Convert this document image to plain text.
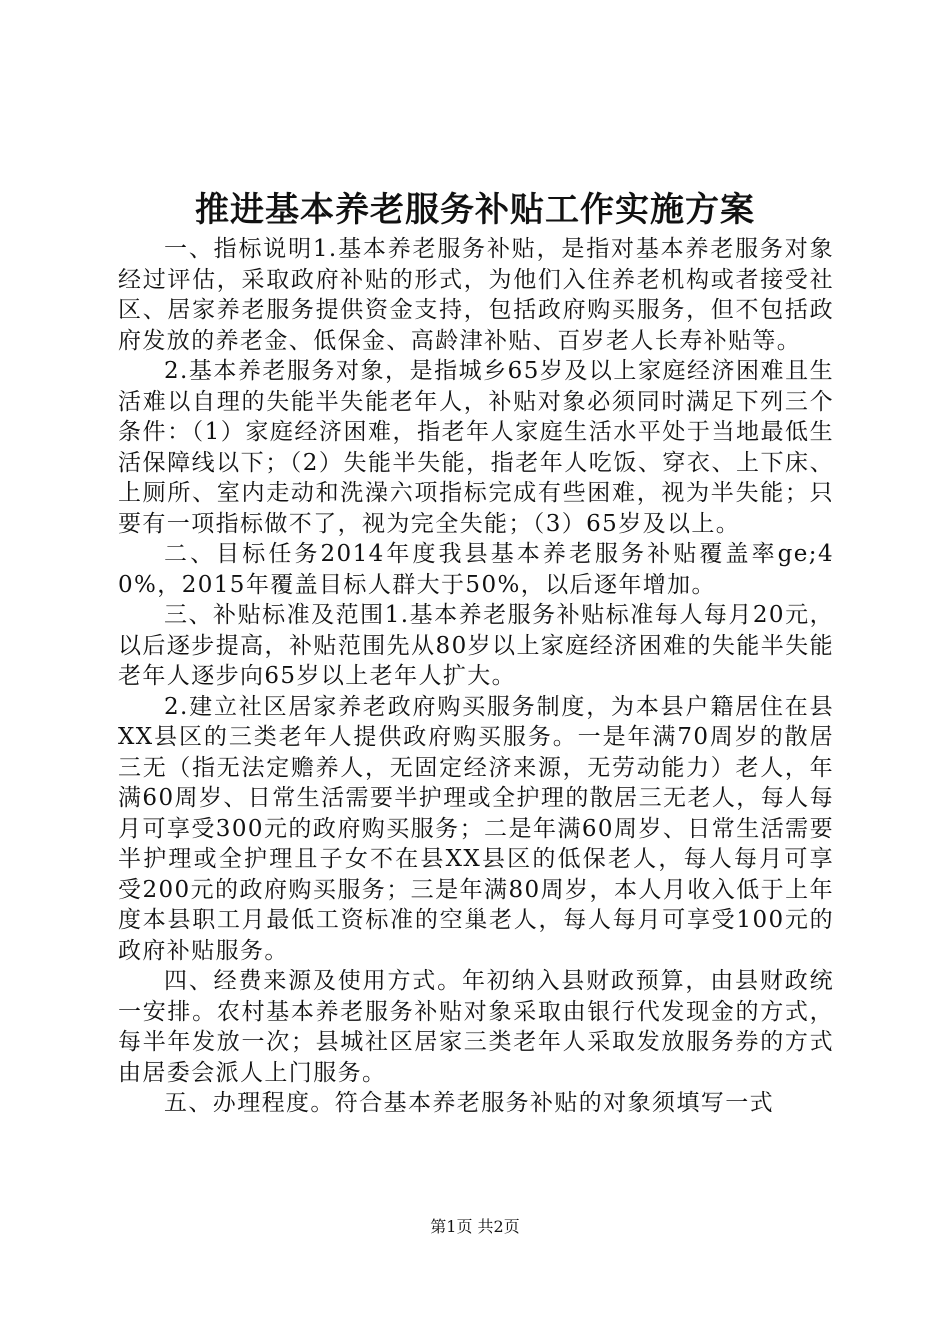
推进基本养老服务补贴工作实施方案

一、指标说明1.基本养老服务补贴，是指对基本养老服务对象经过评估，采取政府补贴的形式，为他们入住养老机构或者接受社区、居家养老服务提供资金支持，包括政府购买服务，但不包括政府发放的养老金、低保金、高龄津补贴、百岁老人长寿补贴等。

2.基本养老服务对象，是指城乡65岁及以上家庭经济困难且生活难以自理的失能半失能老年人，补贴对象必须同时满足下列三个条件：（1）家庭经济困难，指老年人家庭生活水平处于当地最低生活保障线以下；（2）失能半失能，指老年人吃饭、穿衣、上下床、上厕所、室内走动和洗澡六项指标完成有些困难，视为半失能；只要有一项指标做不了，视为完全失能；（3）65岁及以上。

二、目标任务2014年度我县基本养老服务补贴覆盖率ge;40%，2015年覆盖目标人群大于50%，以后逐年增加。

三、补贴标准及范围1.基本养老服务补贴标准每人每月20元，以后逐步提高，补贴范围先从80岁以上家庭经济困难的失能半失能老年人逐步向65岁以上老年人扩大。

2.建立社区居家养老政府购买服务制度，为本县户籍居住在县XX县区的三类老年人提供政府购买服务。一是年满70周岁的散居三无（指无法定赡养人，无固定经济来源，无劳动能力）老人，年满60周岁、日常生活需要半护理或全护理的散居三无老人，每人每月可享受300元的政府购买服务；二是年满60周岁、日常生活需要半护理或全护理且子女不在县XX县区的低保老人，每人每月可享受200元的政府购买服务；三是年满80周岁，本人月收入低于上年度本县职工月最低工资标准的空巢老人，每人每月可享受100元的政府补贴服务。

四、经费来源及使用方式。年初纳入县财政预算，由县财政统一安排。农村基本养老服务补贴对象采取由银行代发现金的方式，每半年发放一次；县城社区居家三类老年人采取发放服务券的方式由居委会派人上门服务。

五、办理程度。符合基本养老服务补贴的对象须填写一式

第1页 共2页
